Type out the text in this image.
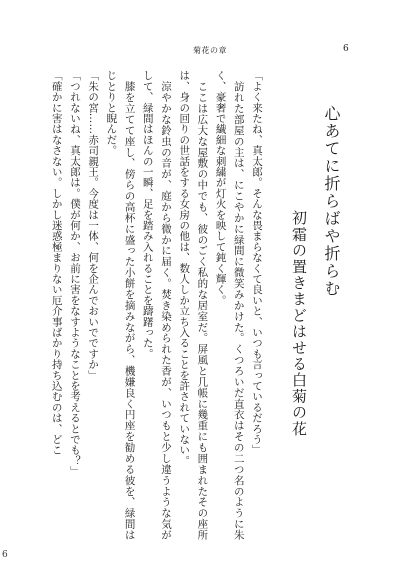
菊花の章	6
心あてに折らばや折らむ
初霜の置きまどはせる白菊の花
「よく来たね、真太郎。そんな畏まらなくて良いと、いつも言っているだろう」
　訪れた部屋の主は、にこやかに緑間に微笑みかけた。くつろいだ直衣はその二つ名のように朱く、豪奢で繊細な刺繍が灯火を映して鈍く輝く。
　ここは広大な屋敷の中でも、彼のごく私的な居室だ。屏風と几帳に幾重にも囲まれたその座所は、身の回りの世話をする女房の他は、数人しか立ち入ることを許されていない。
　涼やかな鈴虫の音が、庭から微かに届く。焚き染められた香が、いつもと少し違うような気がして、緑間はほんの一瞬、足を踏み入れることを躊躇った。
　膝を立てて座し、傍らの高杯に盛った小餅を摘みながら、機嫌良く円座を勧める彼を、緑間はじとりと睨んだ。
「朱の宮……赤司親王。今度は一体、何を企んでおいでですか」
「つれないね、真太郎は。僕が何か、お前に害をなすようなことを考えるとでも？」
「確かに害はなさない。しかし迷惑極まりない厄介事ばかり持ち込むのは、どこ
6
